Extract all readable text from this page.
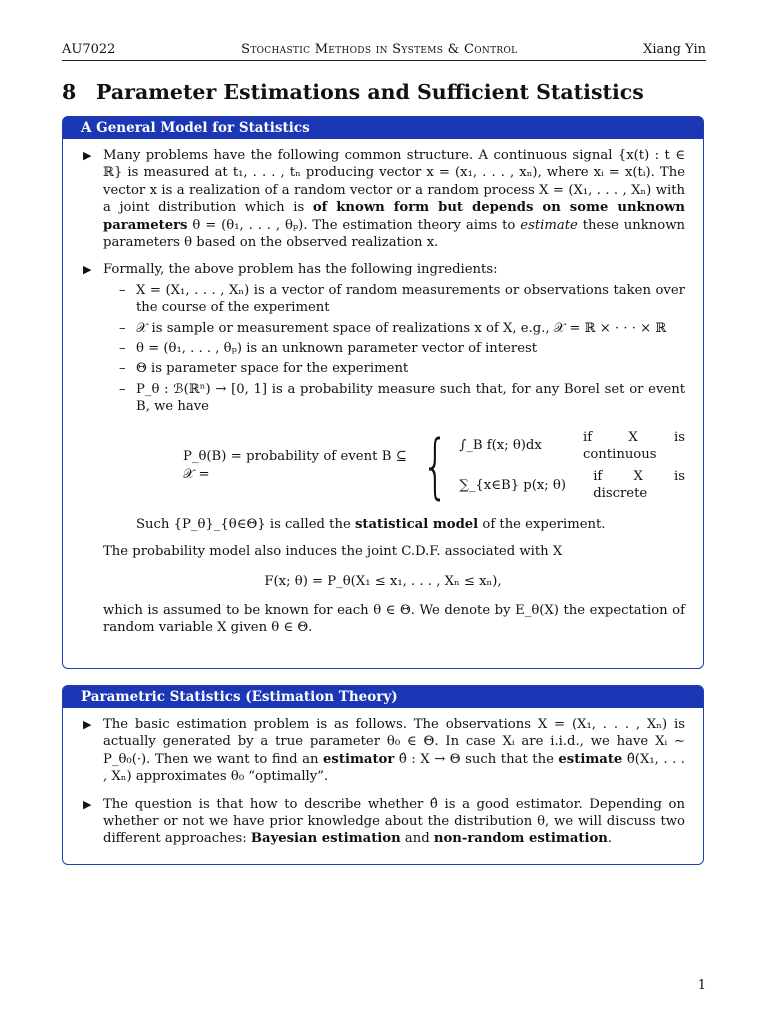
AU7022	Stochastic Methods in Systems & Control	Xiang Yin
8 Parameter Estimations and Sufficient Statistics
A General Model for Statistics
▶ Many problems have the following common structure. A continuous signal {x(t) : t ∈ ℝ} is measured at t₁, . . . , tₙ producing vector x = (x₁, . . . , xₙ), where xᵢ = x(tᵢ). The vector x is a realization of a random vector or a random process X = (X₁, . . . , Xₙ) with a joint distribution which is of known form but depends on some unknown parameters θ = (θ₁, . . . , θₚ). The estimation theory aims to estimate these unknown parameters θ based on the observed realization x.
▶ Formally, the above problem has the following ingredients:
– X = (X₁, . . . , Xₙ) is a vector of random measurements or observations taken over the course of the experiment
– 𝒳 is sample or measurement space of realizations x of X, e.g., 𝒳 = ℝ × · · · × ℝ
– θ = (θ₁, . . . , θₚ) is an unknown parameter vector of interest
– Θ is parameter space for the experiment
– P_θ : ℬ(ℝⁿ) → [0, 1] is a probability measure such that, for any Borel set or event B, we have
P_θ(B) = probability of event B ⊆ 𝒳 =	{ ∫_B f(x; θ)dx
if X is continuous
∑_{x∈B} p(x; θ)
if X is discrete
Such {P_θ}_{θ∈Θ} is called the statistical model of the experiment.
The probability model also induces the joint C.D.F. associated with X
F(x; θ) = P_θ(X₁ ≤ x₁, . . . , Xₙ ≤ xₙ),
which is assumed to be known for each θ ∈ Θ. We denote by E_θ(X) the expectation of random variable X given θ ∈ Θ.
Parametric Statistics (Estimation Theory)
▶ The basic estimation problem is as follows. The observations X = (X₁, . . . , Xₙ) is actually generated by a true parameter θ₀ ∈ Θ. In case Xᵢ are i.i.d., we have Xᵢ ∼ P_θ₀(·). Then we want to find an estimator θ̂ : X → Θ such that the estimate θ̂(X₁, . . . , Xₙ) approximates θ₀ “optimally”.
▶ The question is that how to describe whether θ̂ is a good estimator. Depending on whether or not we have prior knowledge about the distribution θ, we will discuss two different approaches: Bayesian estimation and non-random estimation.
1
